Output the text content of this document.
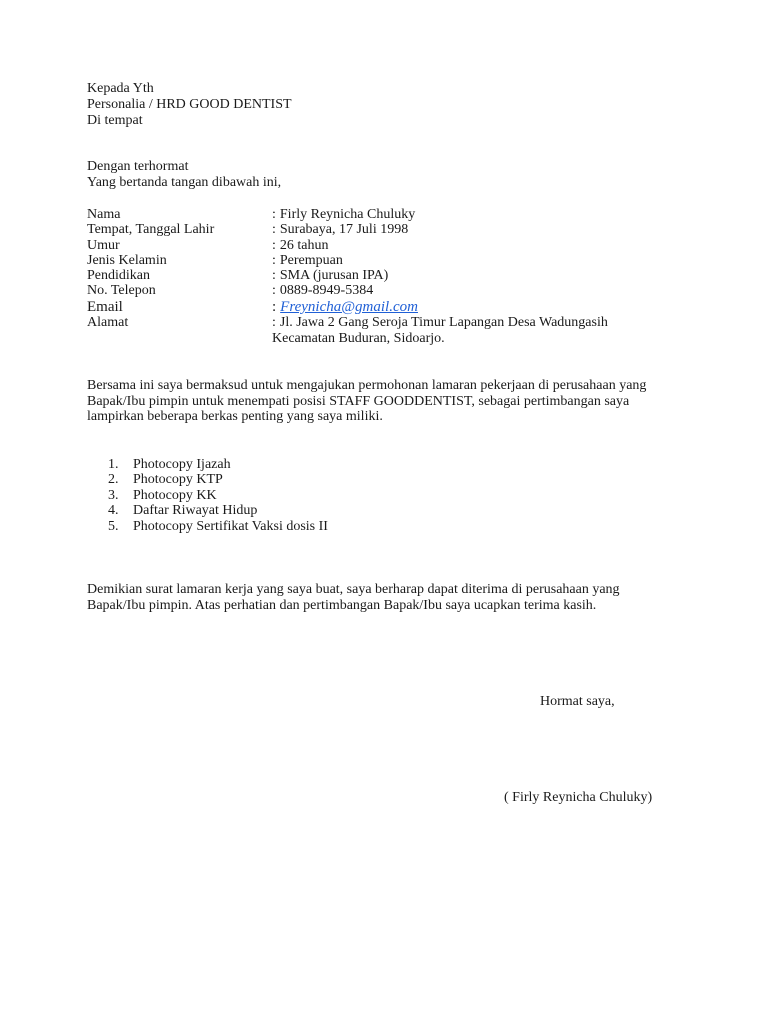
Kepada Yth
Personalia / HRD GOOD DENTIST
Di tempat
Dengan terhormat
Yang bertanda tangan dibawah ini,
Nama	: Firly Reynicha Chuluky
Tempat, Tanggal Lahir	: Surabaya, 17 Juli 1998
Umur	: 26 tahun
Jenis Kelamin	: Perempuan
Pendidikan	: SMA (jurusan IPA)
No. Telepon	: 0889-8949-5384
Email	: Freynicha@gmail.com
Alamat	: Jl. Jawa 2 Gang Seroja Timur Lapangan Desa Wadungasih
Kecamatan Buduran, Sidoarjo.
Bersama ini saya bermaksud untuk mengajukan permohonan lamaran pekerjaan di perusahaan yang
Bapak/Ibu pimpin untuk menempati posisi STAFF GOODDENTIST, sebagai pertimbangan saya
lampirkan beberapa berkas penting yang saya miliki.
1.	Photocopy Ijazah
2.	Photocopy KTP
3.	Photocopy KK
4.	Daftar Riwayat Hidup
5.	Photocopy Sertifikat Vaksi dosis II
Demikian surat lamaran kerja yang saya buat, saya berharap dapat diterima di perusahaan yang
Bapak/Ibu pimpin. Atas perhatian dan pertimbangan Bapak/Ibu saya ucapkan terima kasih.
Hormat saya,
( Firly Reynicha Chuluky)
